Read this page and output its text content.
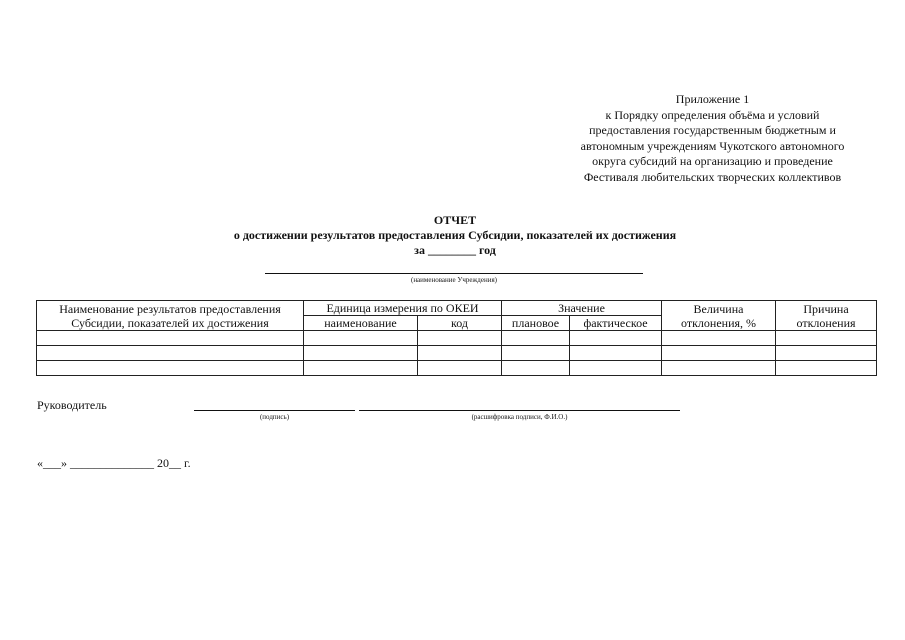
Приложение 1
к Порядку определения объёма и условий
предоставления государственным бюджетным и
автономным учреждениям Чукотского автономного
округа субсидий на организацию и проведение
Фестиваля любительских творческих коллективов
ОТЧЕТ
о достижении результатов предоставления Субсидии, показателей их достижения
за ________ год
(наименование Учреждения)
Наименование результатов предоставления Субсидии, показателей их достижения	Единица измерения по ОКЕИ		Значение		Величина отклонения, %	Причина отклонения
	наименование	код	плановое	фактическое		

Руководитель
(подпись)	(расшифровка подписи, Ф.И.О.)
«___» ______________ 20__ г.
